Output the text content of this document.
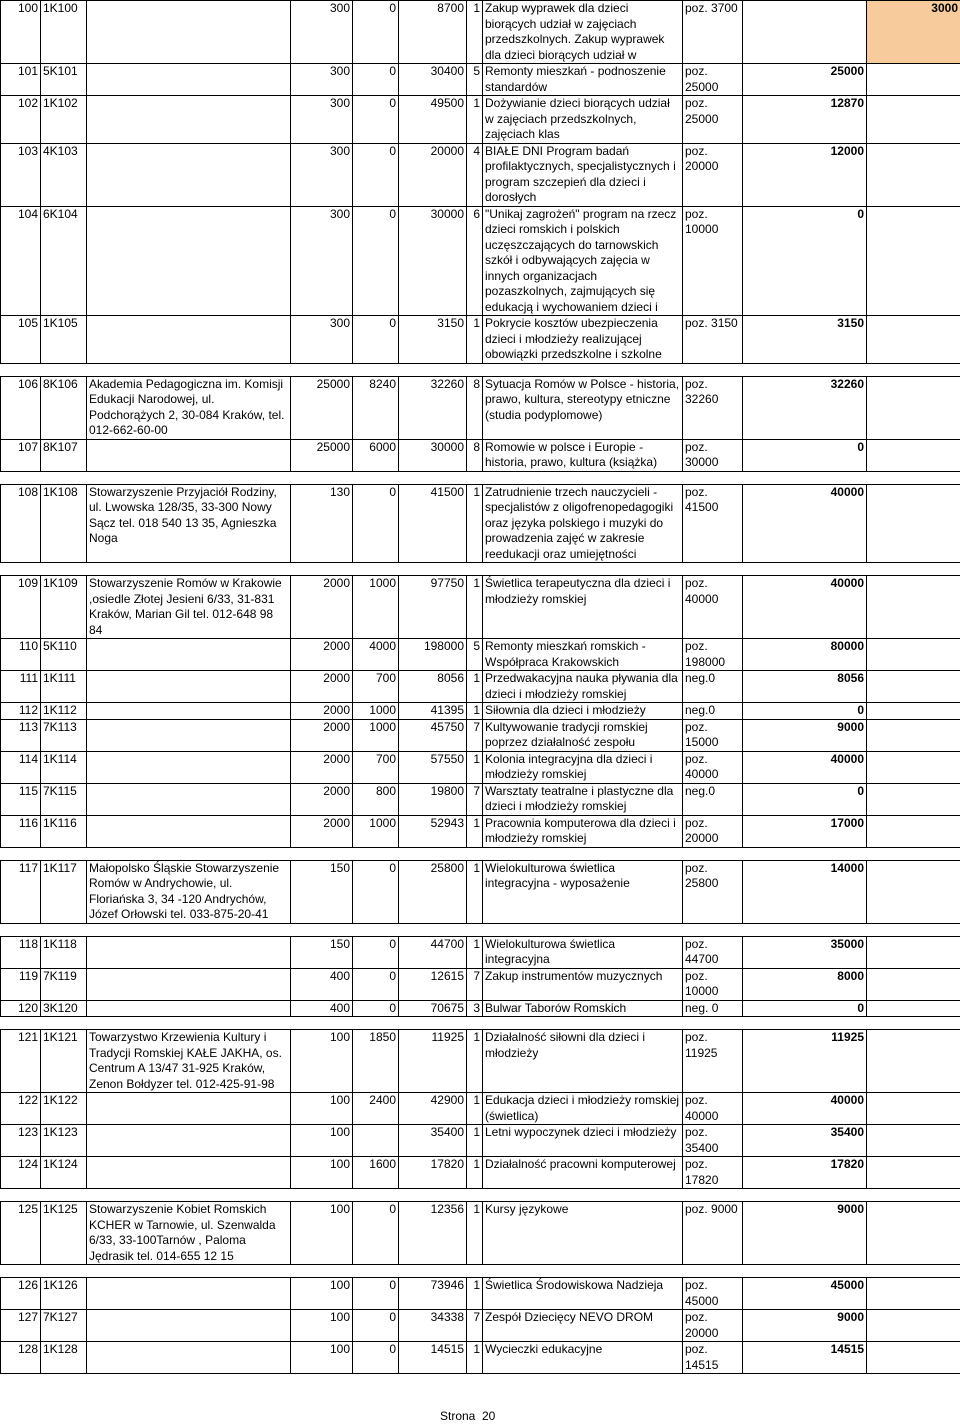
100	1K100		300	0	8700	1	Zakup wyprawek dla dzieci biorących udział w zajęciach przedszkolnych. Zakup wyprawek dla dzieci biorących udział w	poz. 3700		3000
101	5K101		300	0	30400	5	Remonty mieszkań - podnoszenie standardów	poz. 25000	25000	
102	1K102		300	0	49500	1	Dożywianie dzieci biorących udział w zajęciach przedszkolnych, zajęciach klas	poz. 25000	12870	
103	4K103		300	0	20000	4	BIAŁE DNI Program badań profilaktycznych, specjalistycznych i program szczepień dla dzieci i dorosłych	poz. 20000	12000	
104	6K104		300	0	30000	6	"Unikaj zagrożeń" program na rzecz dzieci romskich i polskich uczęszczających do tarnowskich szkół i odbywających zajęcia w innych organizacjach pozaszkolnych, zajmujących się edukacją i wychowaniem dzieci i	poz. 10000	0	
105	1K105		300	0	3150	1	Pokrycie kosztów ubezpieczenia dzieci i młodzieży realizującej obowiązki przedszkolne i szkolne	poz. 3150	3150	

106	8K106	Akademia Pedagogiczna im. Komisji Edukacji Narodowej, ul. Podchorążych 2, 30-084 Kraków, tel. 012-662-60-00	25000	8240	32260	8	Sytuacja Romów w Polsce - historia, prawo, kultura, stereotypy etniczne (studia podyplomowe)	poz. 32260	32260	
107	8K107		25000	6000	30000	8	Romowie w polsce i Europie - historia, prawo, kultura (książka)	poz. 30000	0	

108	1K108	Stowarzyszenie Przyjaciół Rodziny, ul. Lwowska 128/35, 33-300 Nowy Sącz tel. 018 540 13 35, Agnieszka Noga	130	0	41500	1	Zatrudnienie trzech nauczycieli - specjalistów z oligofrenopedagogiki oraz języka polskiego i muzyki do prowadzenia zajęć w zakresie reedukacji oraz umiejętności	poz. 41500	40000	

109	1K109	Stowarzyszenie Romów w Krakowie ,osiedle Złotej Jesieni 6/33, 31-831 Kraków, Marian Gil tel. 012-648 98 84	2000	1000	97750	1	Świetlica terapeutyczna dla dzieci i młodzieży romskiej	poz. 40000	40000	
110	5K110		2000	4000	198000	5	Remonty mieszkań romskich - Współpraca Krakowskich	poz. 198000	80000	
111	1K111		2000	700	8056	1	Przedwakacyjna nauka pływania dla dzieci i młodzieży romskiej	neg.0	8056	
112	1K112		2000	1000	41395	1	Siłownia dla dzieci i młodzieży	neg.0	0	
113	7K113		2000	1000	45750	7	Kultywowanie tradycji romskiej poprzez działalność zespołu	poz. 15000	9000	
114	1K114		2000	700	57550	1	Kolonia integracyjna dla dzieci i młodzieży romskiej	poz. 40000	40000	
115	7K115		2000	800	19800	7	Warsztaty teatralne i plastyczne dla dzieci i młodzieży romskiej	neg.0	0	
116	1K116		2000	1000	52943	1	Pracownia komputerowa dla dzieci i młodzieży romskiej	poz. 20000	17000	

117	1K117	Małopolsko Śląskie Stowarzyszenie Romów w Andrychowie, ul. Floriańska 3, 34 -120 Andrychów, Józef Orłowski tel. 033-875-20-41	150	0	25800	1	Wielokulturowa świetlica integracyjna - wyposażenie	poz. 25800	14000	

118	1K118		150	0	44700	1	Wielokulturowa świetlica integracyjna	poz. 44700	35000	
119	7K119		400	0	12615	7	Zakup instrumentów muzycznych	poz. 10000	8000	
120	3K120		400	0	70675	3	Bulwar Taborów Romskich	neg. 0	0	

121	1K121	Towarzystwo Krzewienia Kultury i Tradycji Romskiej KAŁE JAKHA, os. Centrum A 13/47 31-925 Kraków, Zenon Bołdyzer tel. 012-425-91-98	100	1850	11925	1	Działalność siłowni dla dzieci i młodzieży	poz. 11925	11925	
122	1K122		100	2400	42900	1	Edukacja dzieci i młodzieży romskiej (świetlica)	poz. 40000	40000	
123	1K123		100		35400	1	Letni wypoczynek dzieci i młodzieży	poz. 35400	35400	
124	1K124		100	1600	17820	1	Działalność pracowni komputerowej	poz. 17820	17820	

125	1K125	Stowarzyszenie Kobiet Romskich KCHER w Tarnowie, ul. Szenwalda 6/33, 33-100Tarnów , Paloma Jędrasik tel. 014-655 12 15	100	0	12356	1	Kursy językowe	poz. 9000	9000	

126	1K126		100	0	73946	1	Świetlica Środowiskowa Nadzieja	poz. 45000	45000	
127	7K127		100	0	34338	7	Zespół Dziecięcy NEVO DROM	poz. 20000	9000	
128	1K128		100	0	14515	1	Wycieczki edukacyjne	poz. 14515	14515	
Strona 20
